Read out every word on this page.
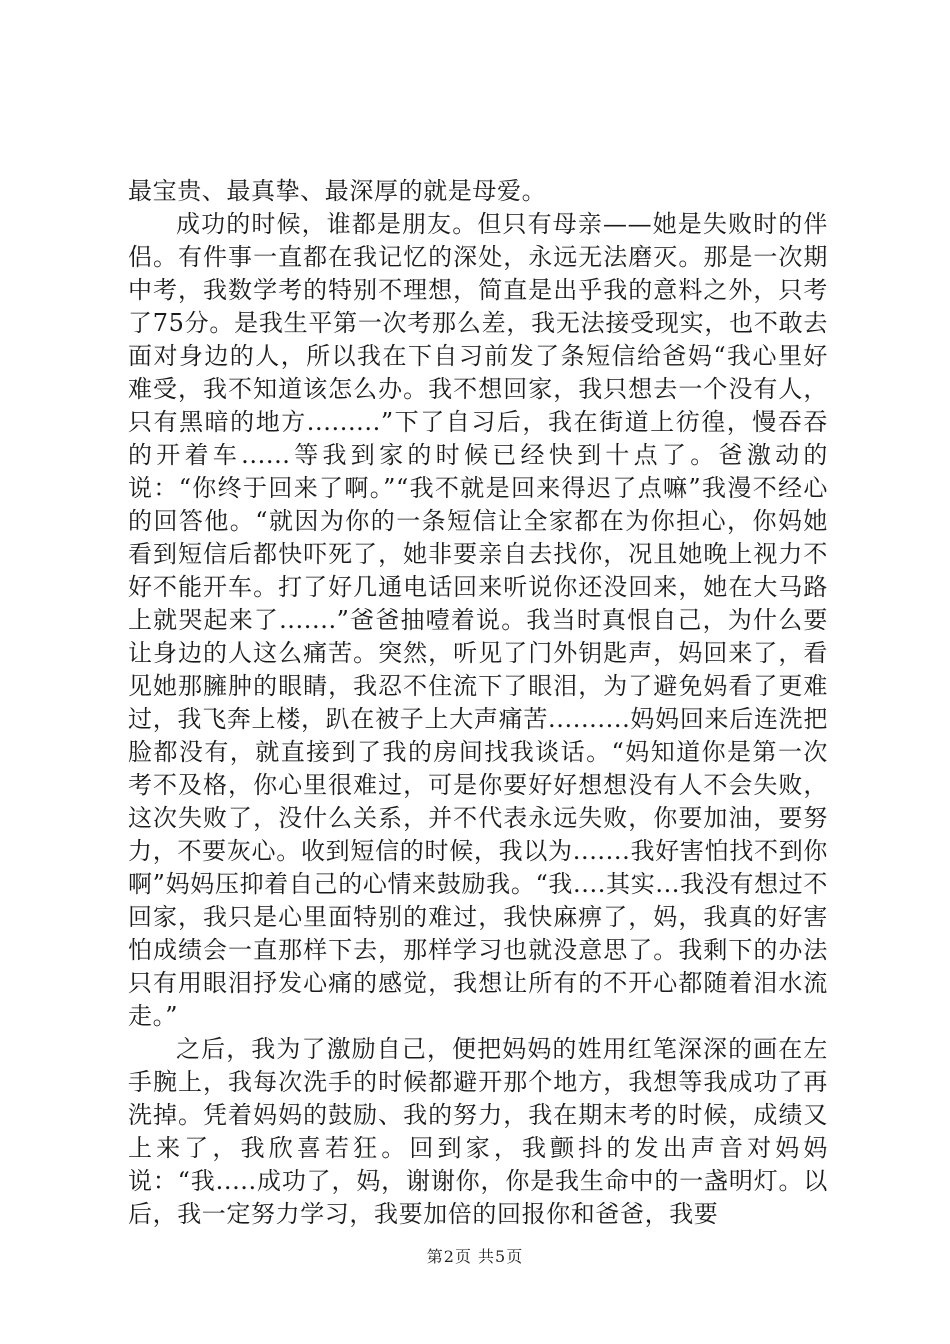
最宝贵、最真挚、最深厚的就是母爱。

成功的时候，谁都是朋友。但只有母亲——她是失败时的伴侣。有件事一直都在我记忆的深处，永远无法磨灭。那是一次期中考，我数学考的特别不理想，简直是出乎我的意料之外，只考了75分。是我生平第一次考那么差，我无法接受现实，也不敢去面对身边的人，所以我在下自习前发了条短信给爸妈“我心里好难受，我不知道该怎么办。我不想回家，我只想去一个没有人，只有黑暗的地方.........”下了自习后，我在街道上彷徨，慢吞吞的开着车......等我到家的时候已经快到十点了。爸激动的说：“你终于回来了啊。”“我不就是回来得迟了点嘛”我漫不经心的回答他。“就因为你的一条短信让全家都在为你担心，你妈她看到短信后都快吓死了，她非要亲自去找你，况且她晚上视力不好不能开车。打了好几通电话回来听说你还没回来，她在大马路上就哭起来了.......”爸爸抽噎着说。我当时真恨自己，为什么要让身边的人这么痛苦。突然，听见了门外钥匙声，妈回来了，看见她那臃肿的眼睛，我忍不住流下了眼泪，为了避免妈看了更难过，我飞奔上楼，趴在被子上大声痛苦..........妈妈回来后连洗把脸都没有，就直接到了我的房间找我谈话。“妈知道你是第一次考不及格，你心里很难过，可是你要好好想想没有人不会失败，这次失败了，没什么关系，并不代表永远失败，你要加油，要努力，不要灰心。收到短信的时候，我以为.......我好害怕找不到你啊”妈妈压抑着自己的心情来鼓励我。“我....其实...我没有想过不回家，我只是心里面特别的难过，我快麻痹了，妈，我真的好害怕成绩会一直那样下去，那样学习也就没意思了。我剩下的办法只有用眼泪抒发心痛的感觉，我想让所有的不开心都随着泪水流走。”

之后，我为了激励自己，便把妈妈的姓用红笔深深的画在左手腕上，我每次洗手的时候都避开那个地方，我想等我成功了再洗掉。凭着妈妈的鼓励、我的努力，我在期末考的时候，成绩又上来了，我欣喜若狂。回到家，我颤抖的发出声音对妈妈说：“我.....成功了，妈，谢谢你，你是我生命中的一盏明灯。以后，我一定努力学习，我要加倍的回报你和爸爸，我要

第2页 共5页
